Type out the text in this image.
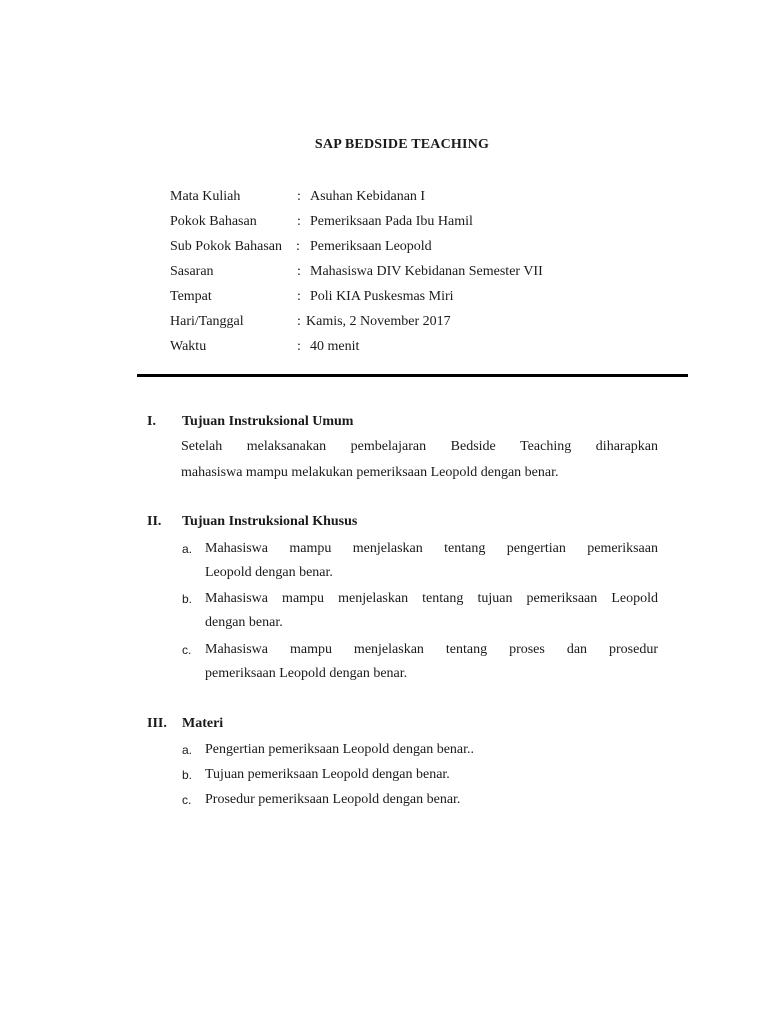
SAP BEDSIDE TEACHING
Mata Kuliah	: Asuhan Kebidanan I
Pokok Bahasan	: Pemeriksaan Pada Ibu Hamil
Sub Pokok Bahasan : Pemeriksaan Leopold
Sasaran	: Mahasiswa DIV Kebidanan Semester VII
Tempat	: Poli KIA Puskesmas Miri
Hari/Tanggal	: Kamis, 2 November 2017
Waktu	: 40 menit
I. Tujuan Instruksional Umum
Setelah melaksanakan pembelajaran Bedside Teaching diharapkan
mahasiswa mampu melakukan pemeriksaan Leopold dengan benar.
II. Tujuan Instruksional Khusus
a. Mahasiswa mampu menjelaskan tentang pengertian pemeriksaan
Leopold dengan benar.
b. Mahasiswa mampu menjelaskan tentang tujuan pemeriksaan Leopold
dengan benar.
c. Mahasiswa mampu menjelaskan tentang proses dan prosedur
pemeriksaan Leopold dengan benar.
III. Materi
a. Pengertian pemeriksaan Leopold dengan benar..
b. Tujuan pemeriksaan Leopold dengan benar.
c. Prosedur pemeriksaan Leopold dengan benar.
